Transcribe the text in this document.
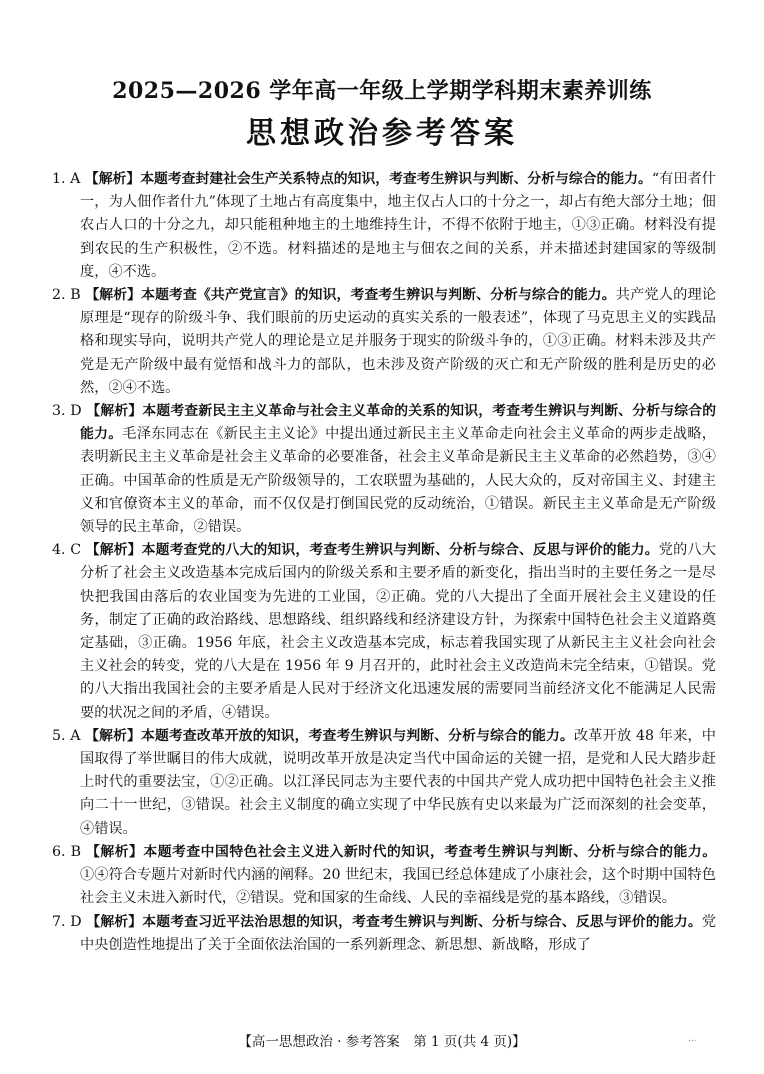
2025—2026 学年高一年级上学期学科期末素养训练
思想政治参考答案

1. A 【解析】本题考查封建社会生产关系特点的知识，考查考生辨识与判断、分析与综合的能力。“有田者什一，为人佃作者什九”体现了土地占有高度集中，地主仅占人口的十分之一，却占有绝大部分土地；佃农占人口的十分之九，却只能租种地主的土地维持生计，不得不依附于地主，①③正确。材料没有提到农民的生产积极性，②不选。材料描述的是地主与佃农之间的关系，并未描述封建国家的等级制度，④不选。

2. B 【解析】本题考查《共产党宣言》的知识，考查考生辨识与判断、分析与综合的能力。共产党人的理论原理是“现存的阶级斗争、我们眼前的历史运动的真实关系的一般表述”，体现了马克思主义的实践品格和现实导向，说明共产党人的理论是立足并服务于现实的阶级斗争的，①③正确。材料未涉及共产党是无产阶级中最有觉悟和战斗力的部队，也未涉及资产阶级的灭亡和无产阶级的胜利是历史的必然，②④不选。

3. D 【解析】本题考查新民主主义革命与社会主义革命的关系的知识，考查考生辨识与判断、分析与综合的能力。毛泽东同志在《新民主主义论》中提出通过新民主主义革命走向社会主义革命的两步走战略，表明新民主主义革命是社会主义革命的必要准备，社会主义革命是新民主主义革命的必然趋势，③④正确。中国革命的性质是无产阶级领导的，工农联盟为基础的，人民大众的，反对帝国主义、封建主义和官僚资本主义的革命，而不仅仅是打倒国民党的反动统治，①错误。新民主主义革命是无产阶级领导的民主革命，②错误。

4. C 【解析】本题考查党的八大的知识，考查考生辨识与判断、分析与综合、反思与评价的能力。党的八大分析了社会主义改造基本完成后国内的阶级关系和主要矛盾的新变化，指出当时的主要任务之一是尽快把我国由落后的农业国变为先进的工业国，②正确。党的八大提出了全面开展社会主义建设的任务，制定了正确的政治路线、思想路线、组织路线和经济建设方针，为探索中国特色社会主义道路奠定基础，③正确。1956 年底，社会主义改造基本完成，标志着我国实现了从新民主主义社会向社会主义社会的转变，党的八大是在 1956 年 9 月召开的，此时社会主义改造尚未完全结束，①错误。党的八大指出我国社会的主要矛盾是人民对于经济文化迅速发展的需要同当前经济文化不能满足人民需要的状况之间的矛盾，④错误。

5. A 【解析】本题考查改革开放的知识，考查考生辨识与判断、分析与综合的能力。改革开放 48 年来，中国取得了举世瞩目的伟大成就，说明改革开放是决定当代中国命运的关键一招，是党和人民大踏步赶上时代的重要法宝，①②正确。以江泽民同志为主要代表的中国共产党人成功把中国特色社会主义推向二十一世纪，③错误。社会主义制度的确立实现了中华民族有史以来最为广泛而深刻的社会变革，④错误。

6. B 【解析】本题考查中国特色社会主义进入新时代的知识，考查考生辨识与判断、分析与综合的能力。①④符合专题片对新时代内涵的阐释。20 世纪末，我国已经总体建成了小康社会，这个时期中国特色社会主义未进入新时代，②错误。党和国家的生命线、人民的幸福线是党的基本路线，③错误。

7. D 【解析】本题考查习近平法治思想的知识，考查考生辨识与判断、分析与综合、反思与评价的能力。党中央创造性地提出了关于全面依法治国的一系列新理念、新思想、新战略，形成了

【高一思想政治 · 参考答案　第 1 页(共 4 页)】	...
